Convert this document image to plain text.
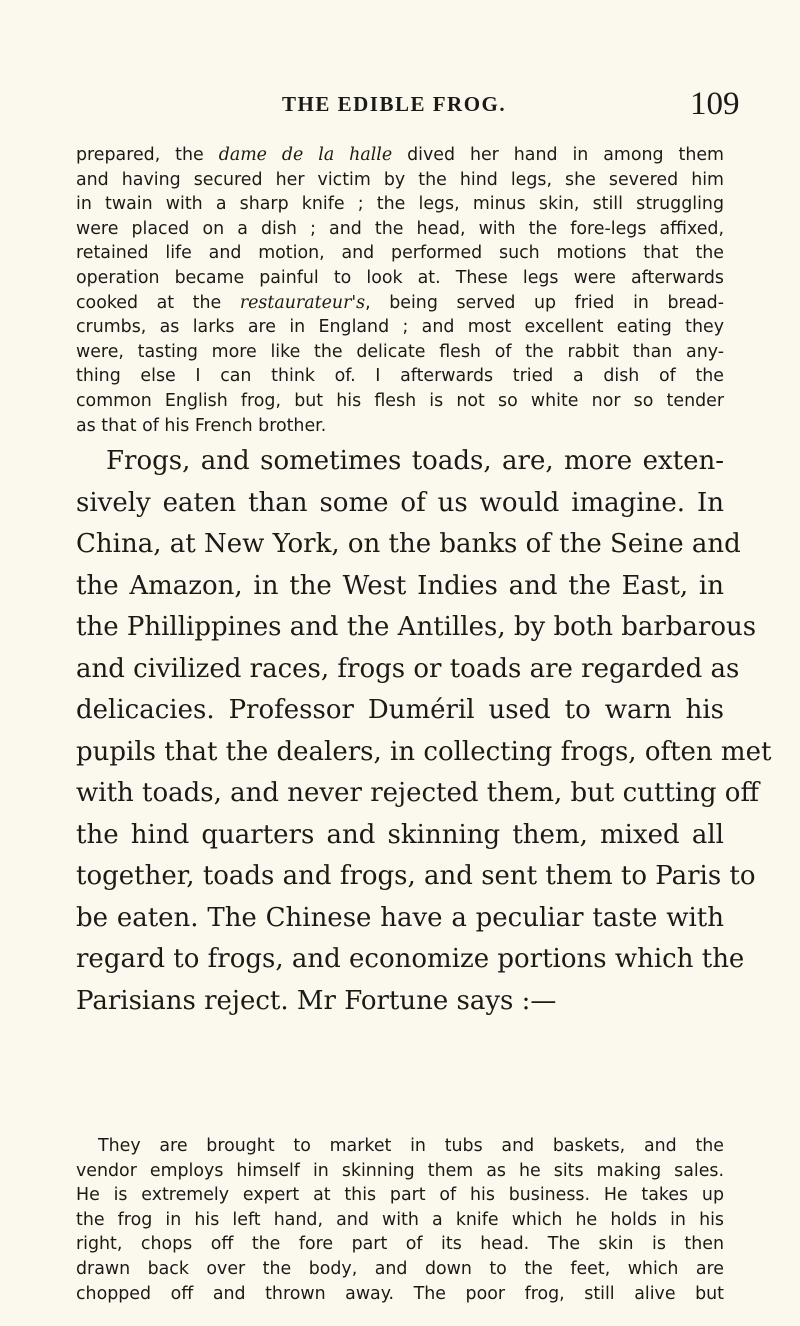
THE EDIBLE FROG.	109

prepared, the dame de la halle dived her hand in among them
and having secured her victim by the hind legs, she severed him
in twain with a sharp knife ; the legs, minus skin, still struggling
were placed on a dish ; and the head, with the fore-legs affixed,
retained life and motion, and performed such motions that the
operation became painful to look at. These legs were afterwards
cooked at the restaurateur's, being served up fried in bread-
crumbs, as larks are in England ; and most excellent eating they
were, tasting more like the delicate flesh of the rabbit than any-
thing else I can think of. I afterwards tried a dish of the
common English frog, but his flesh is not so white nor so tender
as that of his French brother.

Frogs, and sometimes toads, are, more exten-
sively eaten than some of us would imagine. In
China, at New York, on the banks of the Seine and
the Amazon, in the West Indies and the East, in
the Phillippines and the Antilles, by both barbarous
and civilized races, frogs or toads are regarded as
delicacies. Professor Duméril used to warn his
pupils that the dealers, in collecting frogs, often met
with toads, and never rejected them, but cutting off
the hind quarters and skinning them, mixed all
together, toads and frogs, and sent them to Paris to
be eaten. The Chinese have a peculiar taste with
regard to frogs, and economize portions which the
Parisians reject. Mr Fortune says :—

They are brought to market in tubs and baskets, and the
vendor employs himself in skinning them as he sits making sales.
He is extremely expert at this part of his business. He takes up
the frog in his left hand, and with a knife which he holds in his
right, chops off the fore part of its head. The skin is then
drawn back over the body, and down to the feet, which are
chopped off and thrown away. The poor frog, still alive but
